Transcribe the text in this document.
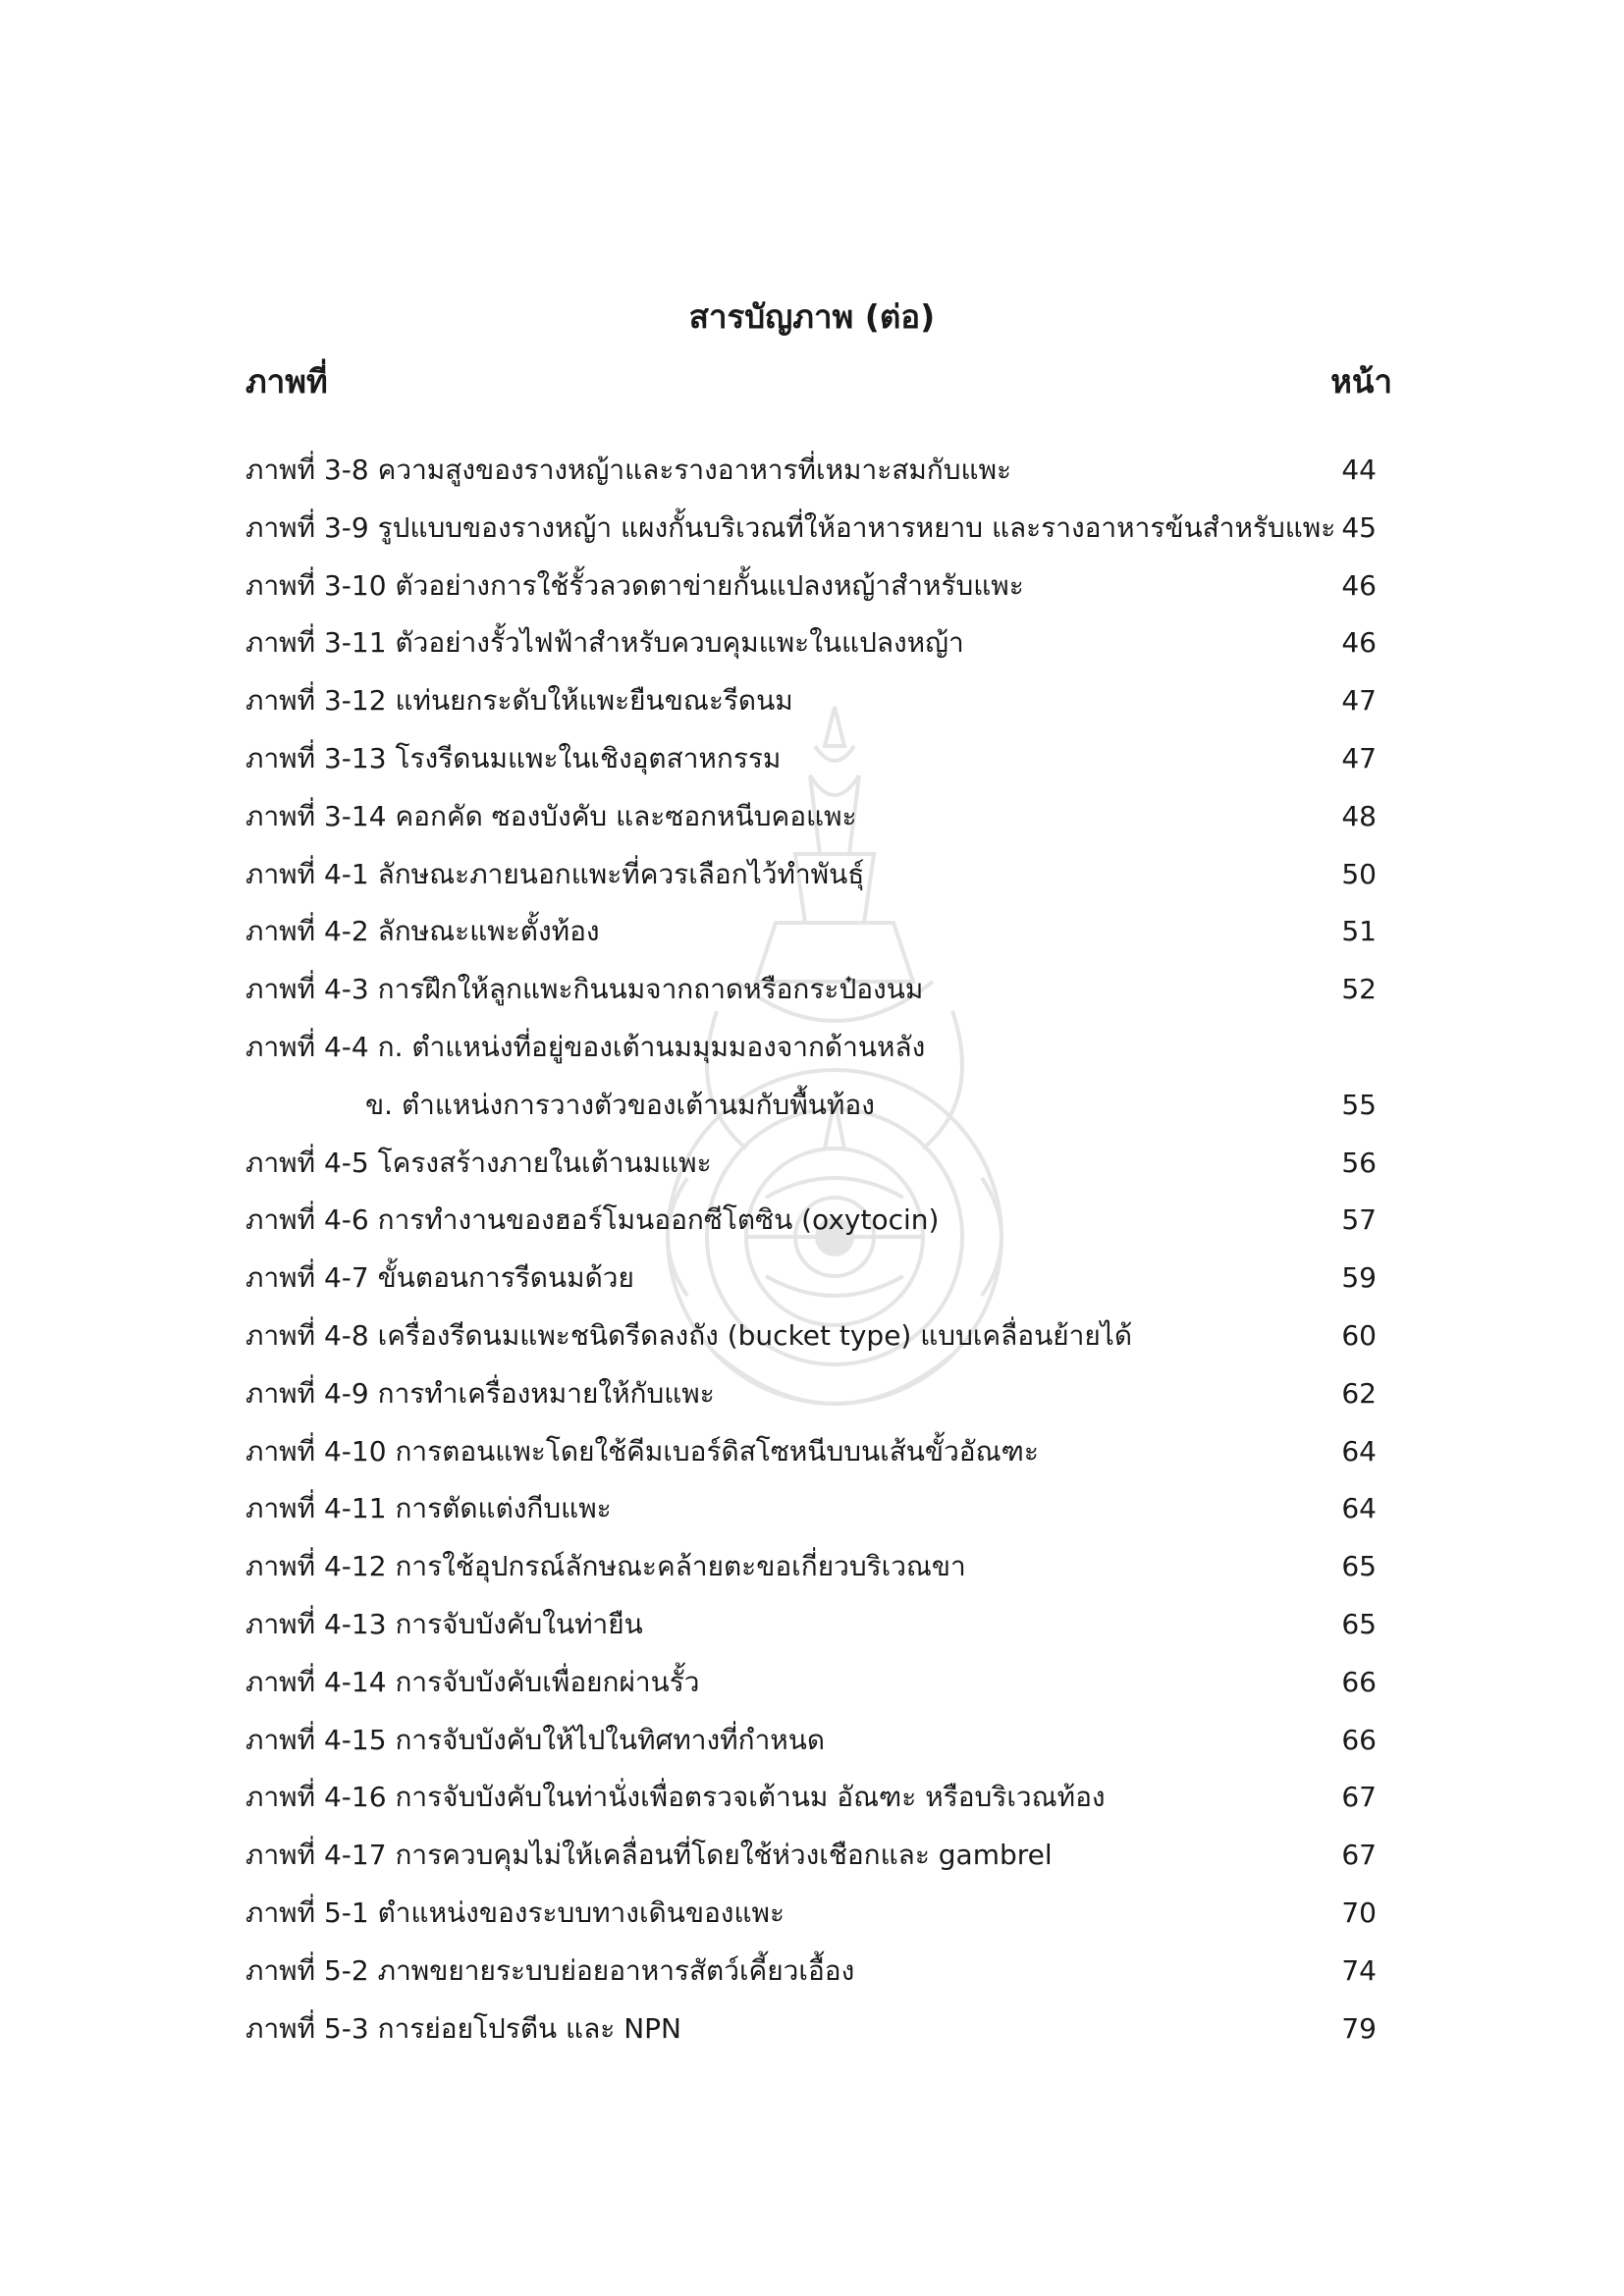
สารบัญภาพ (ต่อ)
ภาพที่	หน้า
ภาพที่ 3-8 ความสูงของรางหญ้าและรางอาหารที่เหมาะสมกับแพะ	44
ภาพที่ 3-9 รูปแบบของรางหญ้า แผงกั้นบริเวณที่ให้อาหารหยาบ และรางอาหารข้นสำหรับแพะ 45
ภาพที่ 3-10 ตัวอย่างการใช้รั้วลวดตาข่ายกั้นแปลงหญ้าสำหรับแพะ	46
ภาพที่ 3-11 ตัวอย่างรั้วไฟฟ้าสำหรับควบคุมแพะในแปลงหญ้า	46
ภาพที่ 3-12 แท่นยกระดับให้แพะยืนขณะรีดนม	47
ภาพที่ 3-13 โรงรีดนมแพะในเชิงอุตสาหกรรม	47
ภาพที่ 3-14 คอกคัด ซองบังคับ และซอกหนีบคอแพะ	48
ภาพที่ 4-1 ลักษณะภายนอกแพะที่ควรเลือกไว้ทำพันธุ์	50
ภาพที่ 4-2 ลักษณะแพะตั้งท้อง	51
ภาพที่ 4-3 การฝึกให้ลูกแพะกินนมจากถาดหรือกระป๋องนม	52
ภาพที่ 4-4 ก. ตำแหน่งที่อยู่ของเต้านมมุมมองจากด้านหลัง
ข. ตำแหน่งการวางตัวของเต้านมกับพื้นท้อง	55
ภาพที่ 4-5 โครงสร้างภายในเต้านมแพะ	56
ภาพที่ 4-6 การทำงานของฮอร์โมนออกซีโตซิน (oxytocin)	57
ภาพที่ 4-7 ขั้นตอนการรีดนมด้วย	59
ภาพที่ 4-8 เครื่องรีดนมแพะชนิดรีดลงถัง (bucket type) แบบเคลื่อนย้ายได้	60
ภาพที่ 4-9 การทำเครื่องหมายให้กับแพะ	62
ภาพที่ 4-10 การตอนแพะโดยใช้คีมเบอร์ดิสโซหนีบบนเส้นขั้วอัณฑะ	64
ภาพที่ 4-11 การตัดแต่งกีบแพะ	64
ภาพที่ 4-12 การใช้อุปกรณ์ลักษณะคล้ายตะขอเกี่ยวบริเวณขา	65
ภาพที่ 4-13 การจับบังคับในท่ายืน	65
ภาพที่ 4-14 การจับบังคับเพื่อยกผ่านรั้ว	66
ภาพที่ 4-15 การจับบังคับให้ไปในทิศทางที่กำหนด	66
ภาพที่ 4-16 การจับบังคับในท่านั่งเพื่อตรวจเต้านม อัณฑะ หรือบริเวณท้อง	67
ภาพที่ 4-17 การควบคุมไม่ให้เคลื่อนที่โดยใช้ห่วงเชือกและ gambrel	67
ภาพที่ 5-1 ตำแหน่งของระบบทางเดินของแพะ	70
ภาพที่ 5-2 ภาพขยายระบบย่อยอาหารสัตว์เคี้ยวเอื้อง	74
ภาพที่ 5-3 การย่อยโปรตีน และ NPN	79
